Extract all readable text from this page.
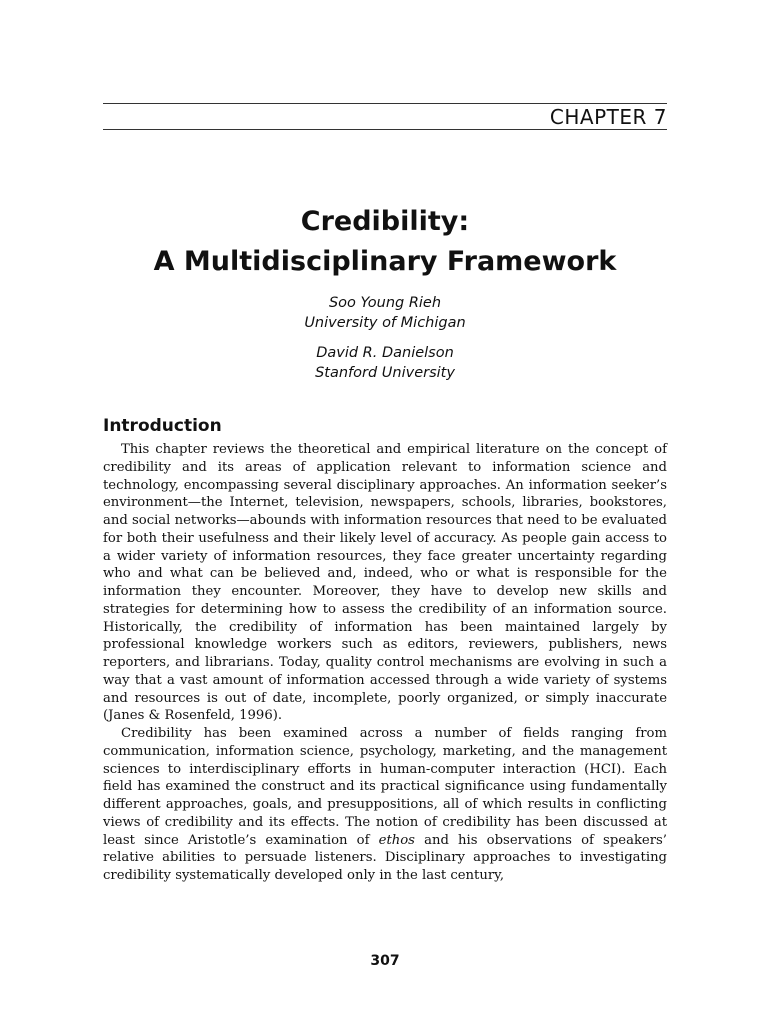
CHAPTER 7
Credibility:
A Multidisciplinary Framework
Soo Young Rieh
University of Michigan
David R. Danielson
Stanford University
Introduction

This chapter reviews the theoretical and empirical literature on the concept of credibility and its areas of application relevant to information science and technology, encompassing several disciplinary approaches. An information seeker’s environment—the Internet, television, newspapers, schools, libraries, bookstores, and social networks—abounds with information resources that need to be evaluated for both their usefulness and their likely level of accuracy. As people gain access to a wider variety of information resources, they face greater uncertainty regarding who and what can be believed and, indeed, who or what is responsible for the information they encounter. Moreover, they have to develop new skills and strategies for determining how to assess the credibility of an information source. Historically, the credibility of information has been maintained largely by professional knowledge workers such as editors, reviewers, publishers, news reporters, and librarians. Today, quality control mechanisms are evolving in such a way that a vast amount of information accessed through a wide variety of systems and resources is out of date, incomplete, poorly organized, or simply inaccurate (Janes & Rosenfeld, 1996).

Credibility has been examined across a number of fields ranging from communication, information science, psychology, marketing, and the management sciences to interdisciplinary efforts in human-computer interaction (HCI). Each field has examined the construct and its practical significance using fundamentally different approaches, goals, and presuppositions, all of which results in conflicting views of credibility and its effects. The notion of credibility has been discussed at least since Aristotle’s examination of ethos and his observations of speakers’ relative abilities to persuade listeners. Disciplinary approaches to investigating credibility systematically developed only in the last century,

307
